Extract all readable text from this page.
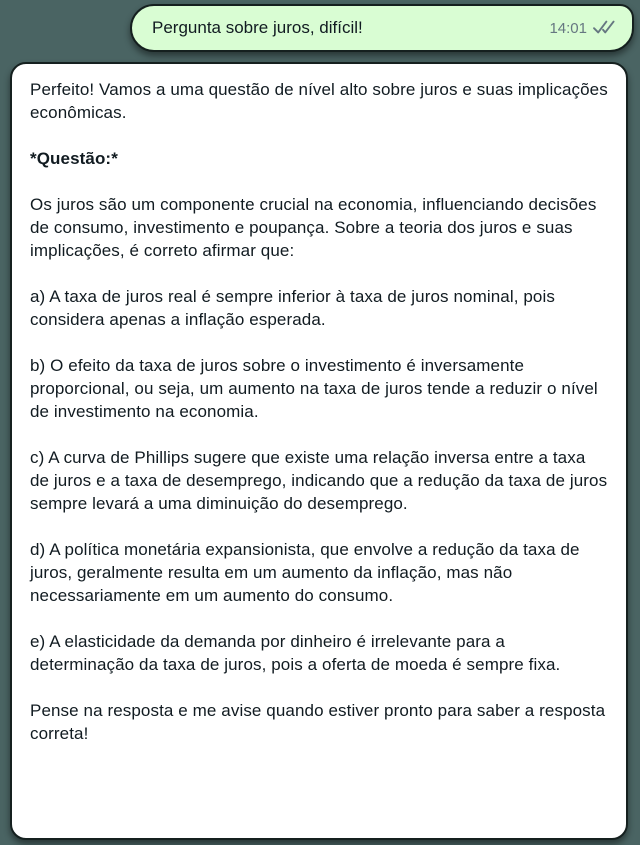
Pergunta sobre juros, difícil!	14:01

Perfeito! Vamos a uma questão de nível alto sobre juros e suas implicações econômicas.

*Questão:*

Os juros são um componente crucial na economia, influenciando decisões de consumo, investimento e poupança. Sobre a teoria dos juros e suas implicações, é correto afirmar que:

a) A taxa de juros real é sempre inferior à taxa de juros nominal, pois considera apenas a inflação esperada.

b) O efeito da taxa de juros sobre o investimento é inversamente proporcional, ou seja, um aumento na taxa de juros tende a reduzir o nível de investimento na economia.

c) A curva de Phillips sugere que existe uma relação inversa entre a taxa de juros e a taxa de desemprego, indicando que a redução da taxa de juros sempre levará a uma diminuição do desemprego.

d) A política monetária expansionista, que envolve a redução da taxa de juros, geralmente resulta em um aumento da inflação, mas não necessariamente em um aumento do consumo.

e) A elasticidade da demanda por dinheiro é irrelevante para a determinação da taxa de juros, pois a oferta de moeda é sempre fixa.

Pense na resposta e me avise quando estiver pronto para saber a resposta correta!
